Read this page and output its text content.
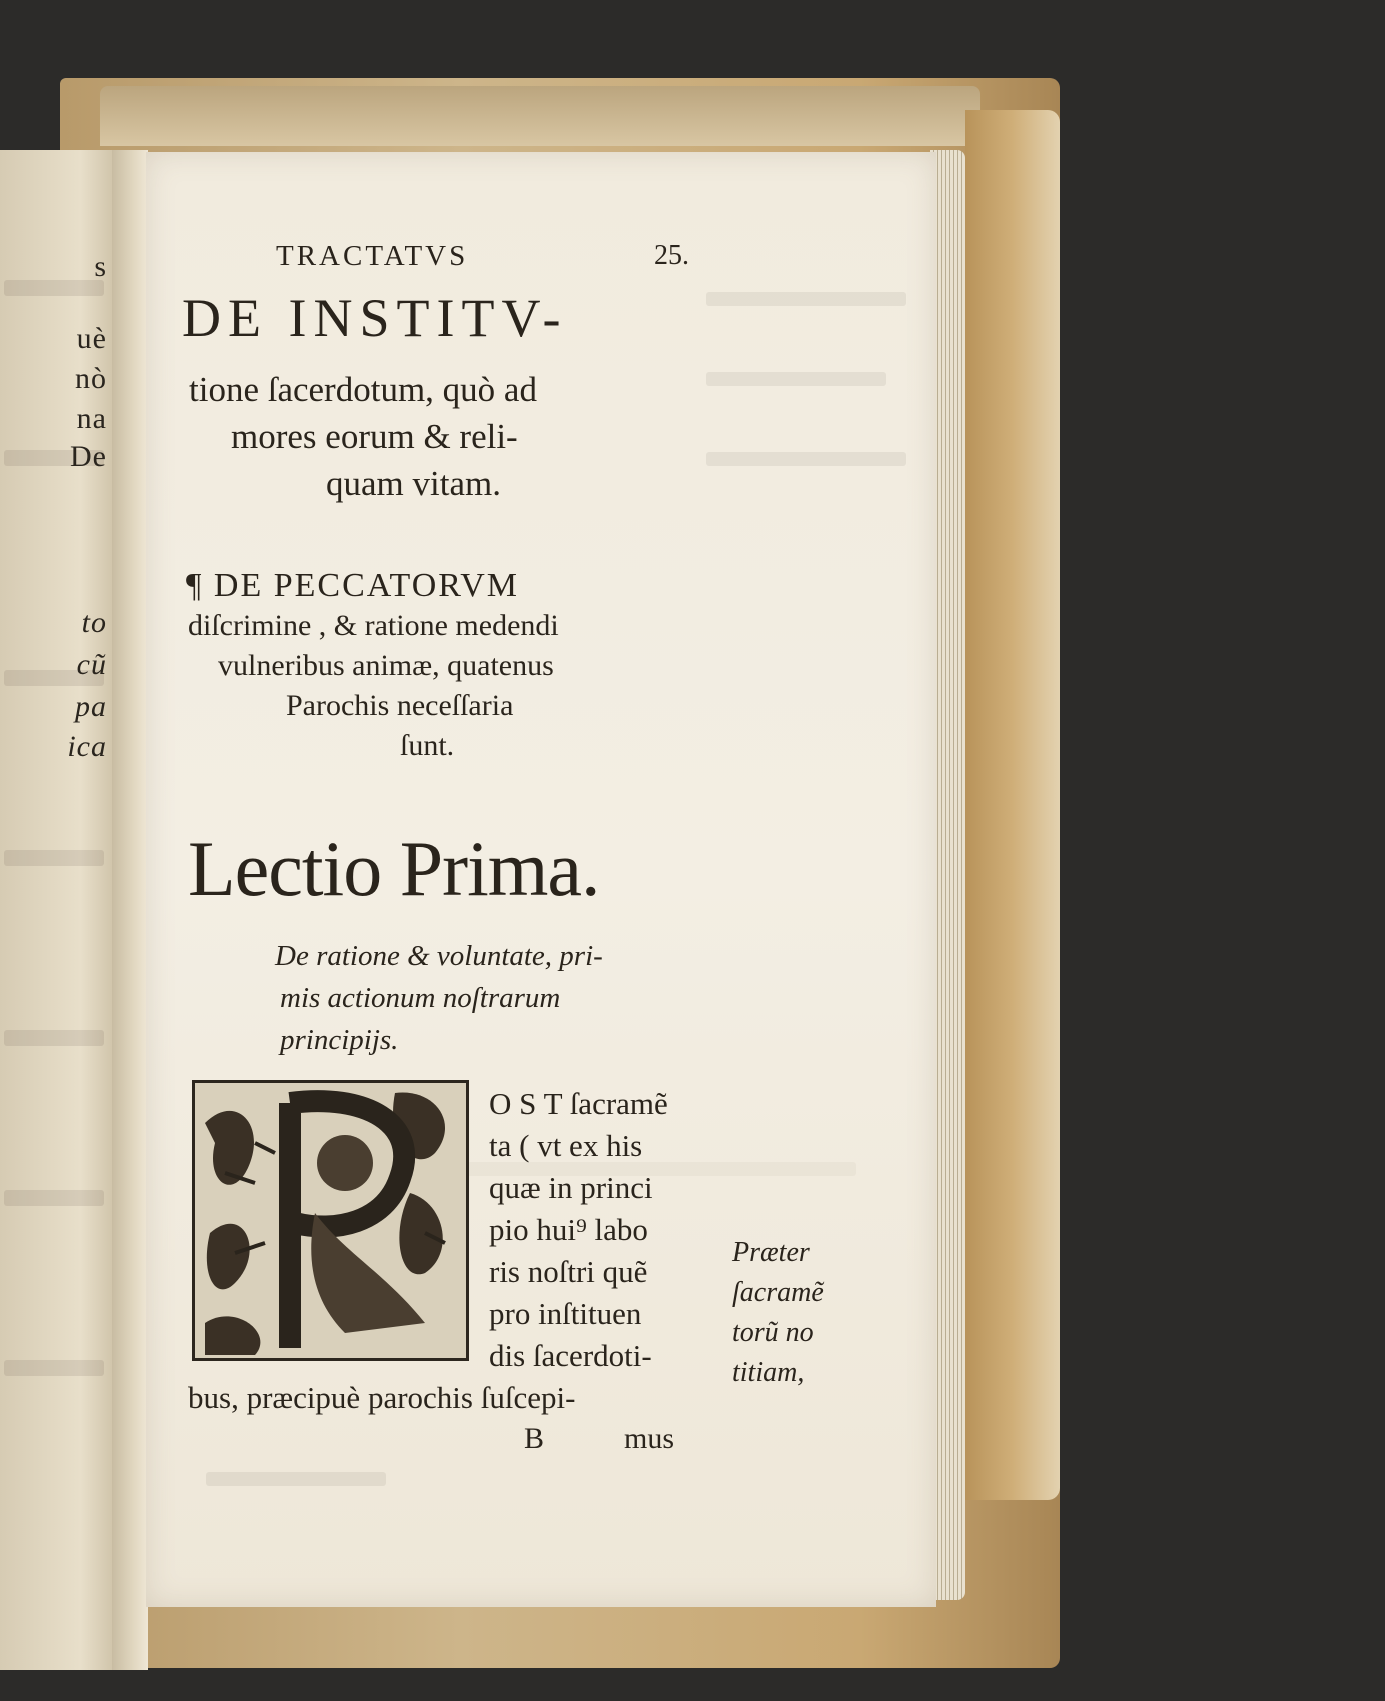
s
uè
nò
na
De
to
cũ
pa
ica
TRACTATVS	25.
DE INSTITV-
tione ſacerdotum, quò ad
mores eorum & reli-
quam vitam.
¶ DE PECCATORVM
diſcrimine , & ratione medendi
vulneribus animæ, quatenus
Parochis neceſſaria
ſunt.
Lectio Prima.
De ratione & voluntate, pri-
mis actionum noſtrarum
principijs.
O S T ſacramẽ
ta ( vt ex his
quæ in princi
pio hui⁹ labo
ris noſtri quẽ
pro inſtituen
dis ſacerdoti-
bus, præcipuè parochis ſuſcepi-
B	mus
Præter
ſacramẽ
torũ no
titiam,
